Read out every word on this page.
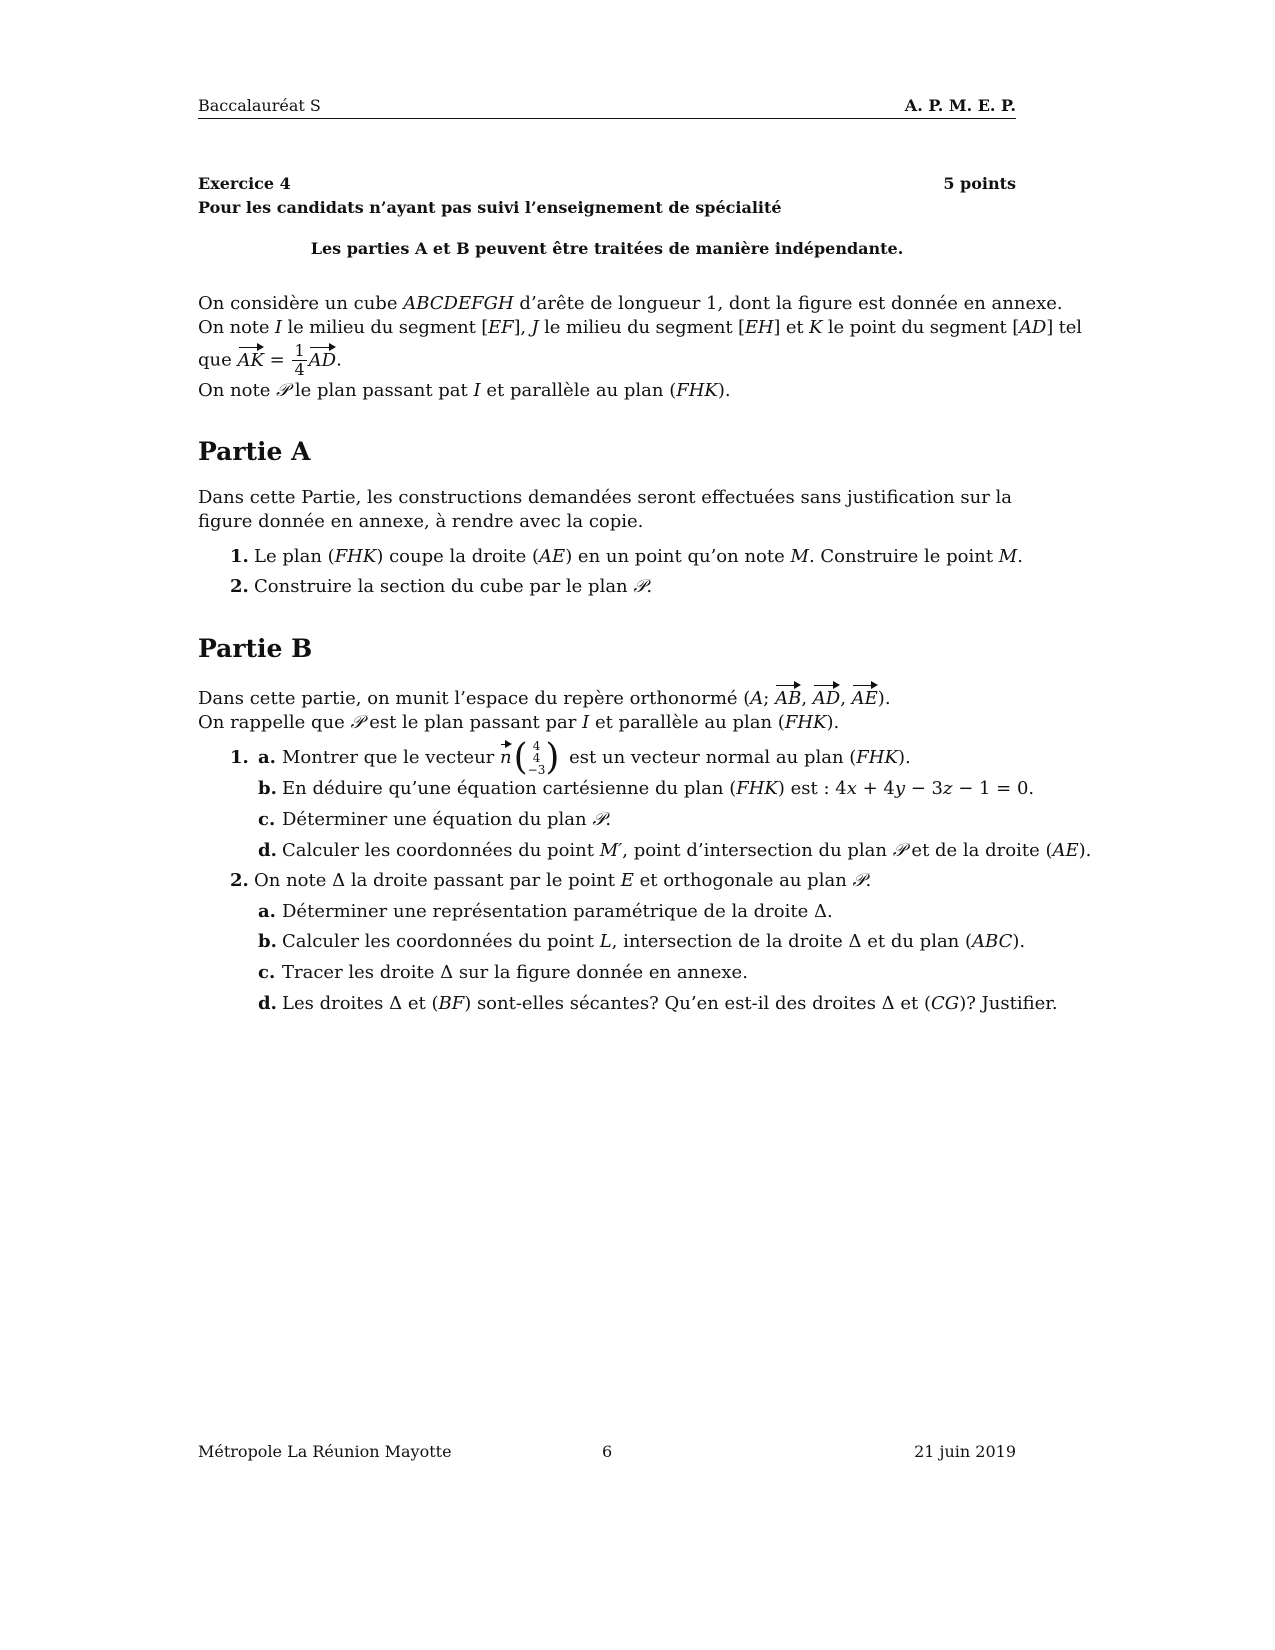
Baccalauréat S	A. P. M. E. P.
Exercice 4	5 points
Pour les candidats n’ayant pas suivi l’enseignement de spécialité
Les parties A et B peuvent être traitées de manière indépendante.
On considère un cube ABCDEFGH d’arête de longueur 1, dont la figure est donnée en annexe.
On note I le milieu du segment [EF], J le milieu du segment [EH] et K le point du segment [AD] tel
que AK = $\frac{1}{4}$ AD.
On note 𝒫 le plan passant pat I et parallèle au plan (FHK).
Partie A
Dans cette Partie, les constructions demandées seront effectuées sans justification sur la figure donnée en annexe, à rendre avec la copie.
1. Le plan (FHK) coupe la droite (AE) en un point qu’on note M. Construire le point M.
2. Construire la section du cube par le plan 𝒫.
Partie B
Dans cette partie, on munit l’espace du repère orthonormé (A; AB, AD, AE).
On rappelle que 𝒫 est le plan passant par I et parallèle au plan (FHK).
1. a. Montrer que le vecteur n( 4
4
−3 ) est un vecteur normal au plan (FHK).
b. En déduire qu’une équation cartésienne du plan (FHK) est : 4x + 4y − 3z − 1 = 0.
c. Déterminer une équation du plan 𝒫.
d. Calculer les coordonnées du point M′, point d’intersection du plan 𝒫 et de la droite (AE).
2. On note Δ la droite passant par le point E et orthogonale au plan 𝒫.
a. Déterminer une représentation paramétrique de la droite Δ.
b. Calculer les coordonnées du point L, intersection de la droite Δ et du plan (ABC).
c. Tracer les droite Δ sur la figure donnée en annexe.
d. Les droites Δ et (BF) sont-elles sécantes? Qu’en est-il des droites Δ et (CG)? Justifier.
Métropole La Réunion Mayotte	6	21 juin 2019
